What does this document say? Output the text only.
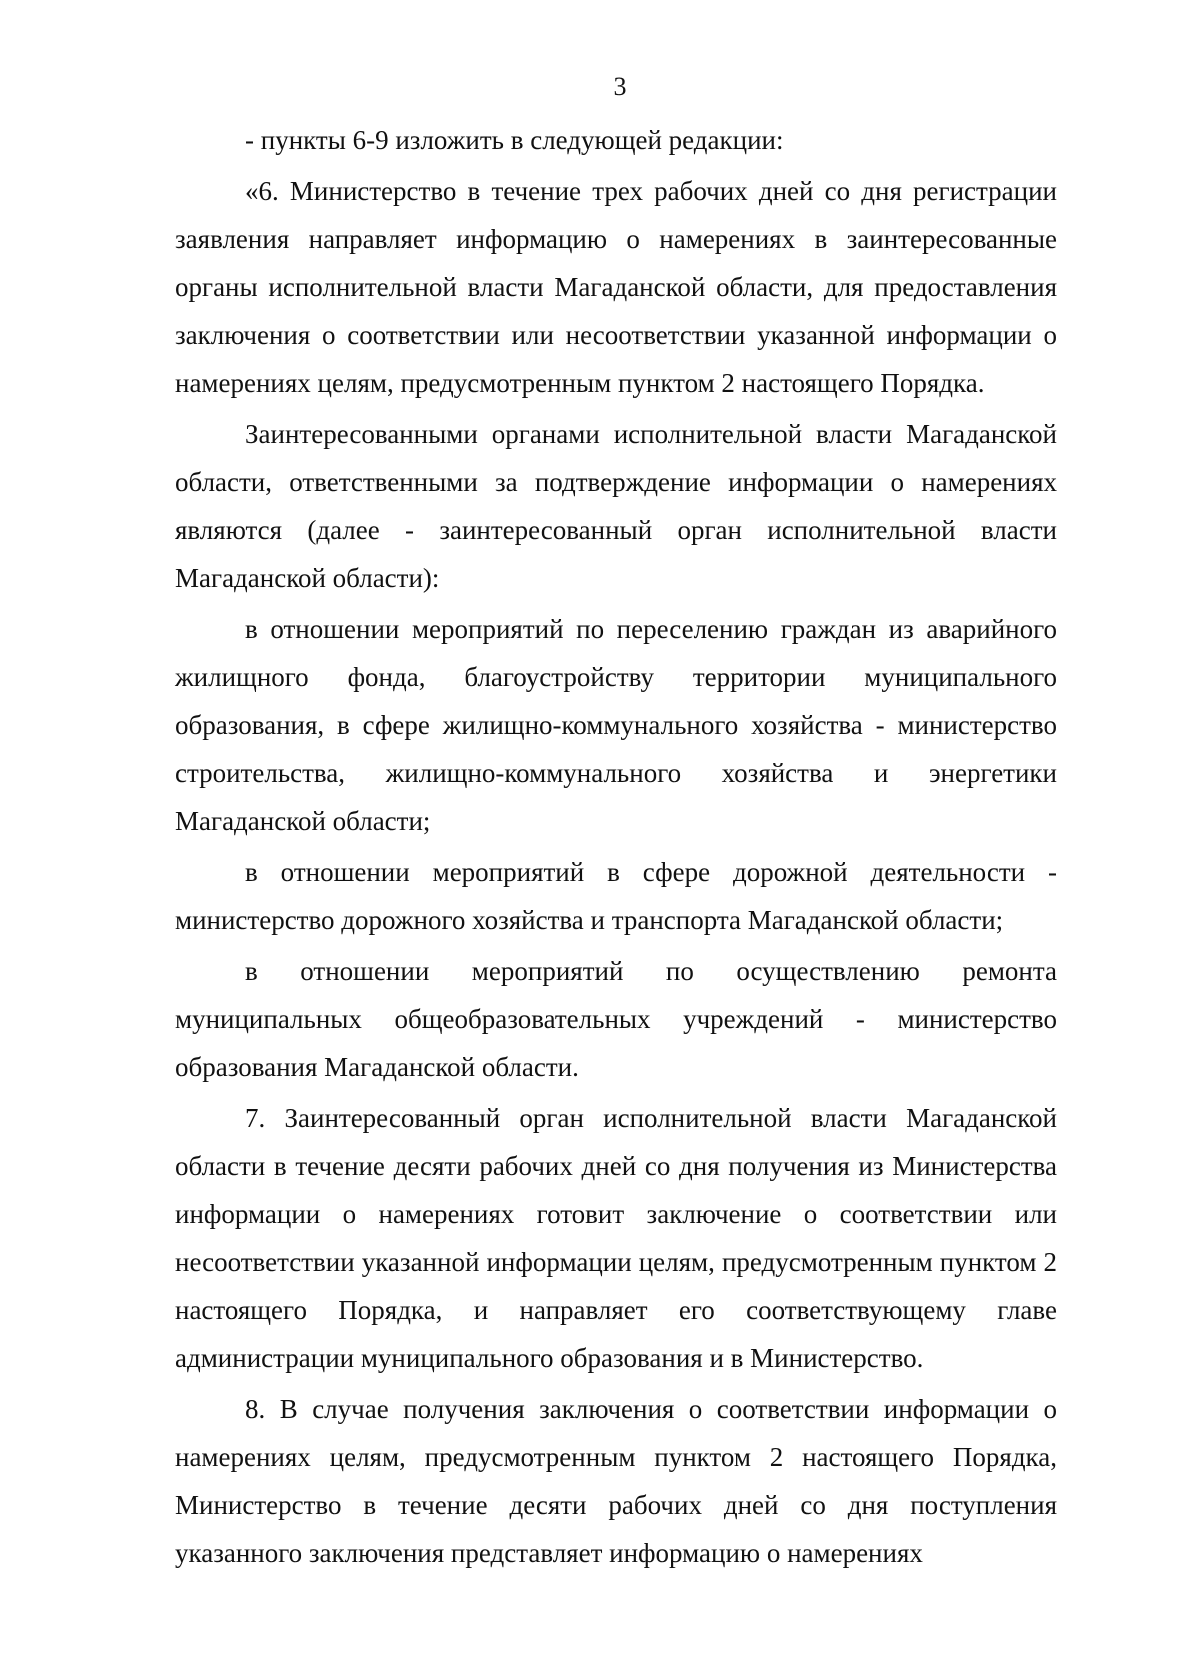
3

- пункты 6-9 изложить в следующей редакции:

«6. Министерство в течение трех рабочих дней со дня регистрации заявления направляет информацию о намерениях в заинтересованные органы исполнительной власти Магаданской области, для предоставления заключения о соответствии или несоответствии указанной информации о намерениях целям, предусмотренным пунктом 2 настоящего Порядка.

Заинтересованными органами исполнительной власти Магаданской области, ответственными за подтверждение информации о намерениях являются (далее - заинтересованный орган исполнительной власти Магаданской области):

в отношении мероприятий по переселению граждан из аварийного жилищного фонда, благоустройству территории муниципального образования, в сфере жилищно-коммунального хозяйства - министерство строительства, жилищно-коммунального хозяйства и энергетики Магаданской области;

в отношении мероприятий в сфере дорожной деятельности - министерство дорожного хозяйства и транспорта Магаданской области;

в отношении мероприятий по осуществлению ремонта муниципальных общеобразовательных учреждений - министерство образования Магаданской области.

7. Заинтересованный орган исполнительной власти Магаданской области в течение десяти рабочих дней со дня получения из Министерства информации о намерениях готовит заключение о соответствии или несоответствии указанной информации целям, предусмотренным пунктом 2 настоящего Порядка, и направляет его соответствующему главе администрации муниципального образования и в Министерство.

8. В случае получения заключения о соответствии информации о намерениях целям, предусмотренным пунктом 2 настоящего Порядка, Министерство в течение десяти рабочих дней со дня поступления указанного заключения представляет информацию о намерениях
